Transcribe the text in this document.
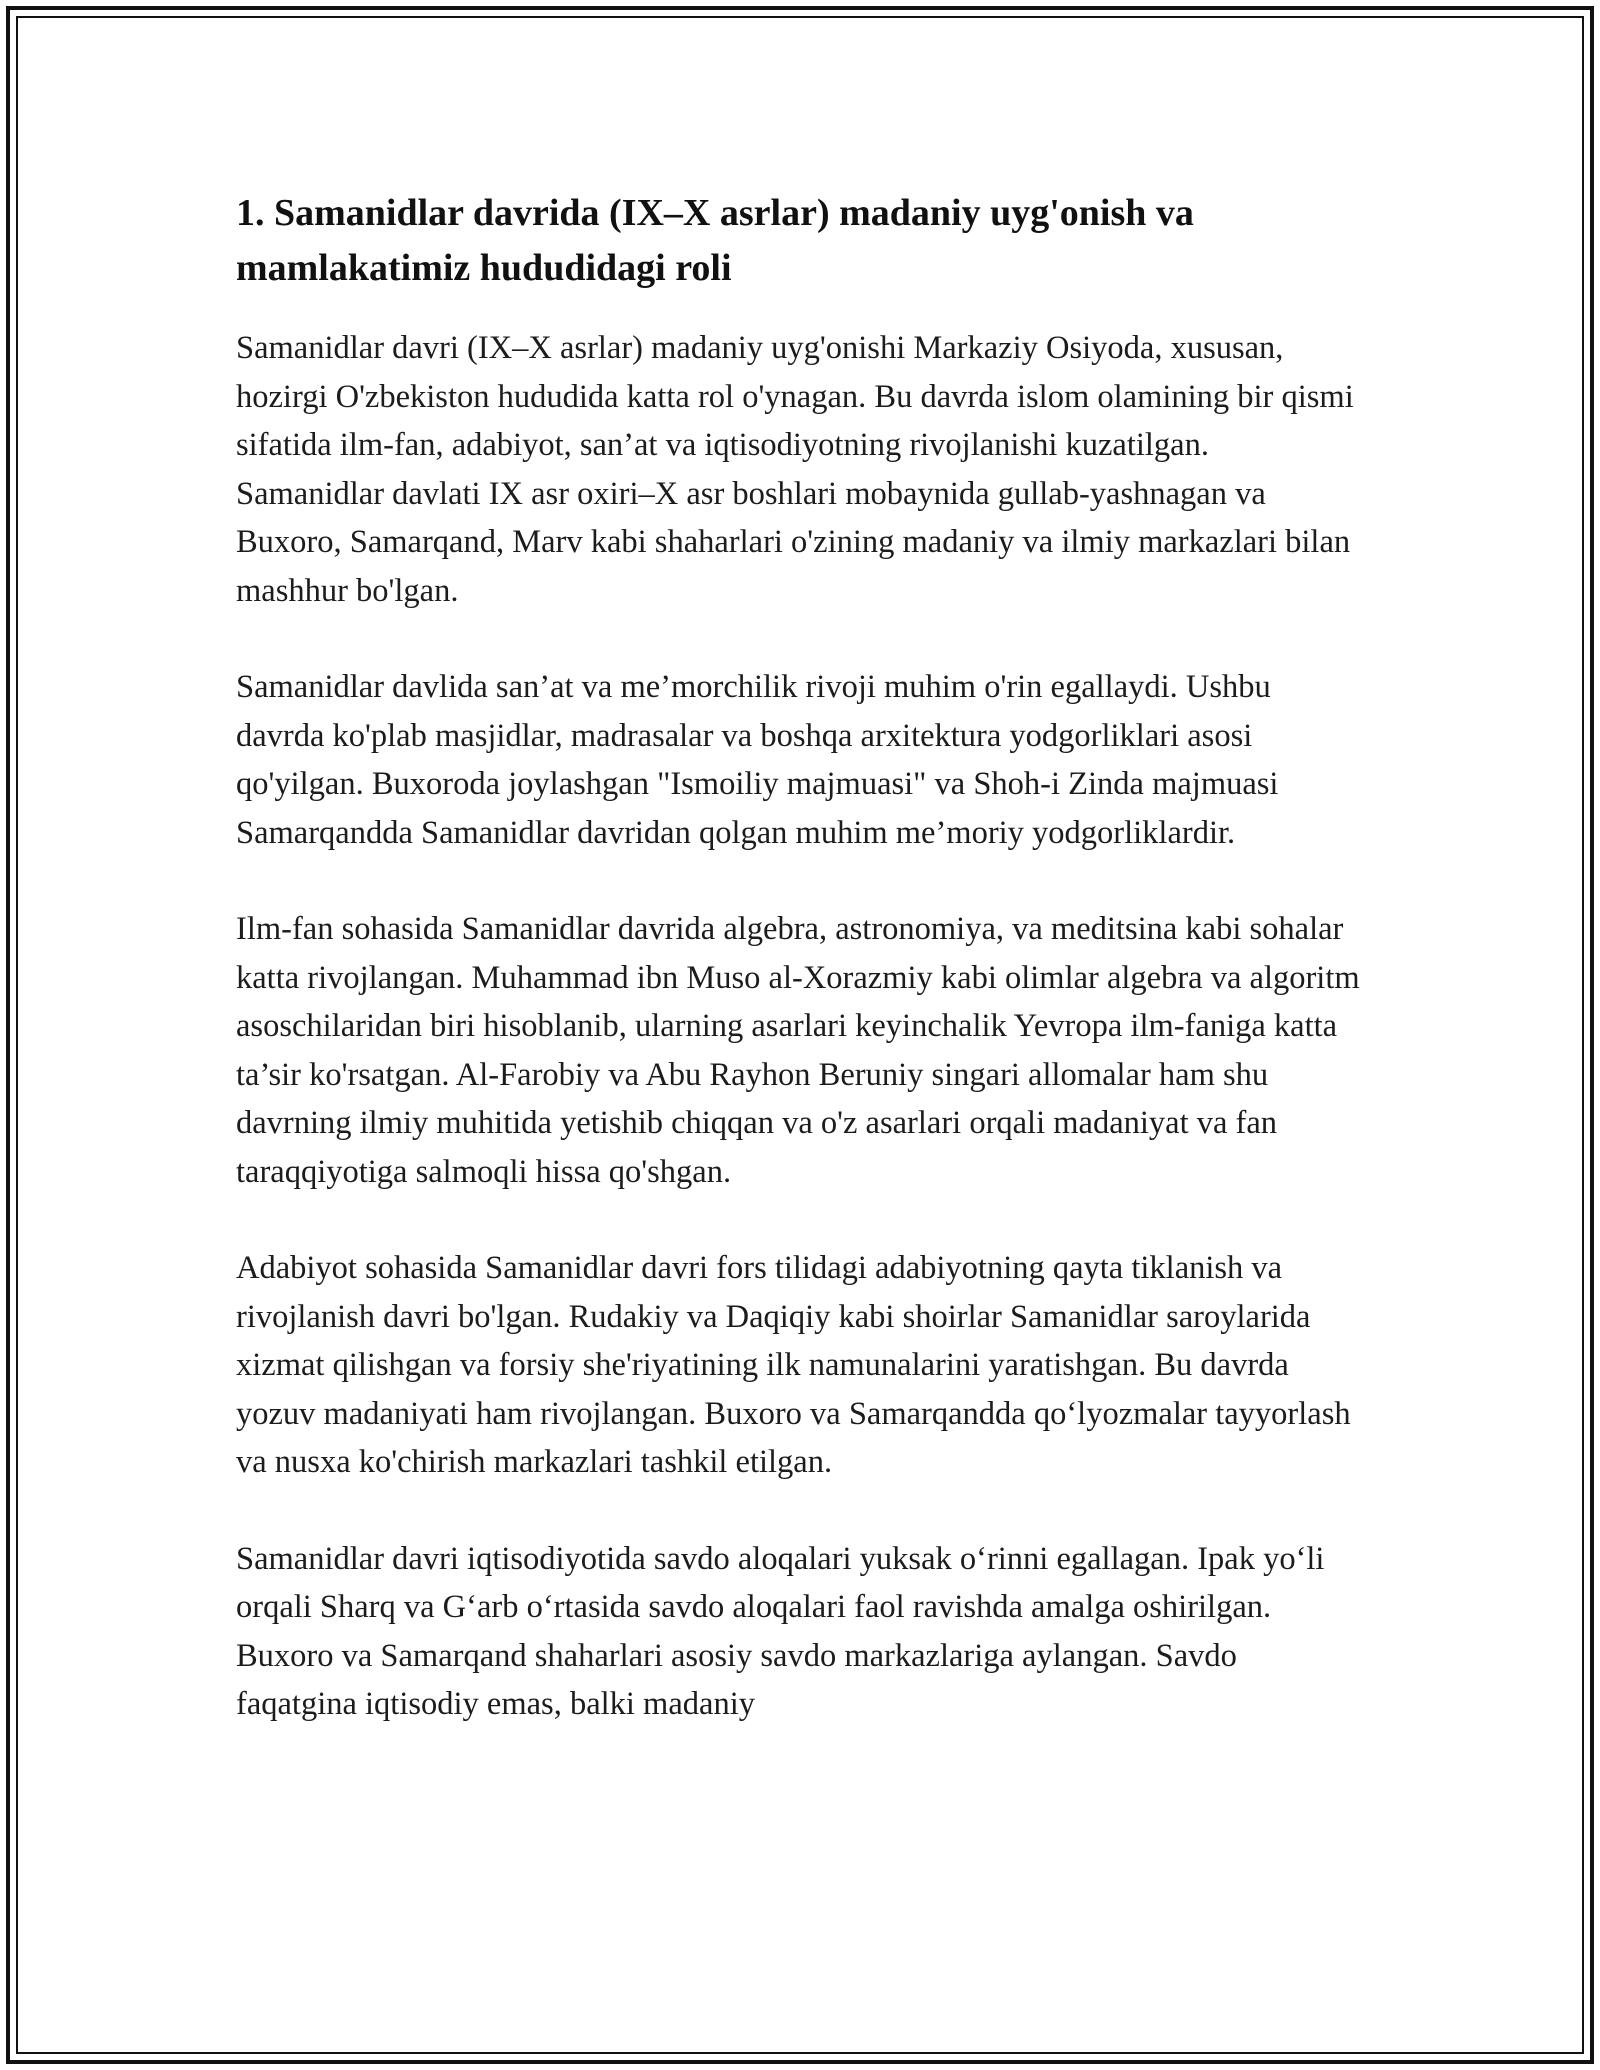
1. Samanidlar davrida (IX–X asrlar) madaniy uyg'onish va mamlakatimiz hududidagi roli

Samanidlar davri (IX–X asrlar) madaniy uyg'onishi Markaziy Osiyoda, xususan, hozirgi O'zbekiston hududida katta rol o'ynagan. Bu davrda islom olamining bir qismi sifatida ilm-fan, adabiyot, san’at va iqtisodiyotning rivojlanishi kuzatilgan. Samanidlar davlati IX asr oxiri–X asr boshlari mobaynida gullab-yashnagan va Buxoro, Samarqand, Marv kabi shaharlari o'zining madaniy va ilmiy markazlari bilan mashhur bo'lgan.

Samanidlar davlida san’at va me’morchilik rivoji muhim o'rin egallaydi. Ushbu davrda ko'plab masjidlar, madrasalar va boshqa arxitektura yodgorliklari asosi qo'yilgan. Buxoroda joylashgan "Ismoiliy majmuasi" va Shoh-i Zinda majmuasi Samarqandda Samanidlar davridan qolgan muhim me’moriy yodgorliklardir.

Ilm-fan sohasida Samanidlar davrida algebra, astronomiya, va meditsina kabi sohalar katta rivojlangan. Muhammad ibn Muso al-Xorazmiy kabi olimlar algebra va algoritm asoschilaridan biri hisoblanib, ularning asarlari keyinchalik Yevropa ilm-faniga katta ta’sir ko'rsatgan. Al-Farobiy va Abu Rayhon Beruniy singari allomalar ham shu davrning ilmiy muhitida yetishib chiqqan va o'z asarlari orqali madaniyat va fan taraqqiyotiga salmoqli hissa qo'shgan.

Adabiyot sohasida Samanidlar davri fors tilidagi adabiyotning qayta tiklanish va rivojlanish davri bo'lgan. Rudakiy va Daqiqiy kabi shoirlar Samanidlar saroylarida xizmat qilishgan va forsiy she'riyatining ilk namunalarini yaratishgan. Bu davrda yozuv madaniyati ham rivojlangan. Buxoro va Samarqandda qo‘lyozmalar tayyorlash va nusxa ko'chirish markazlari tashkil etilgan.

Samanidlar davri iqtisodiyotida savdo aloqalari yuksak o‘rinni egallagan. Ipak yo‘li orqali Sharq va G‘arb o‘rtasida savdo aloqalari faol ravishda amalga oshirilgan. Buxoro va Samarqand shaharlari asosiy savdo markazlariga aylangan. Savdo faqatgina iqtisodiy emas, balki madaniy
